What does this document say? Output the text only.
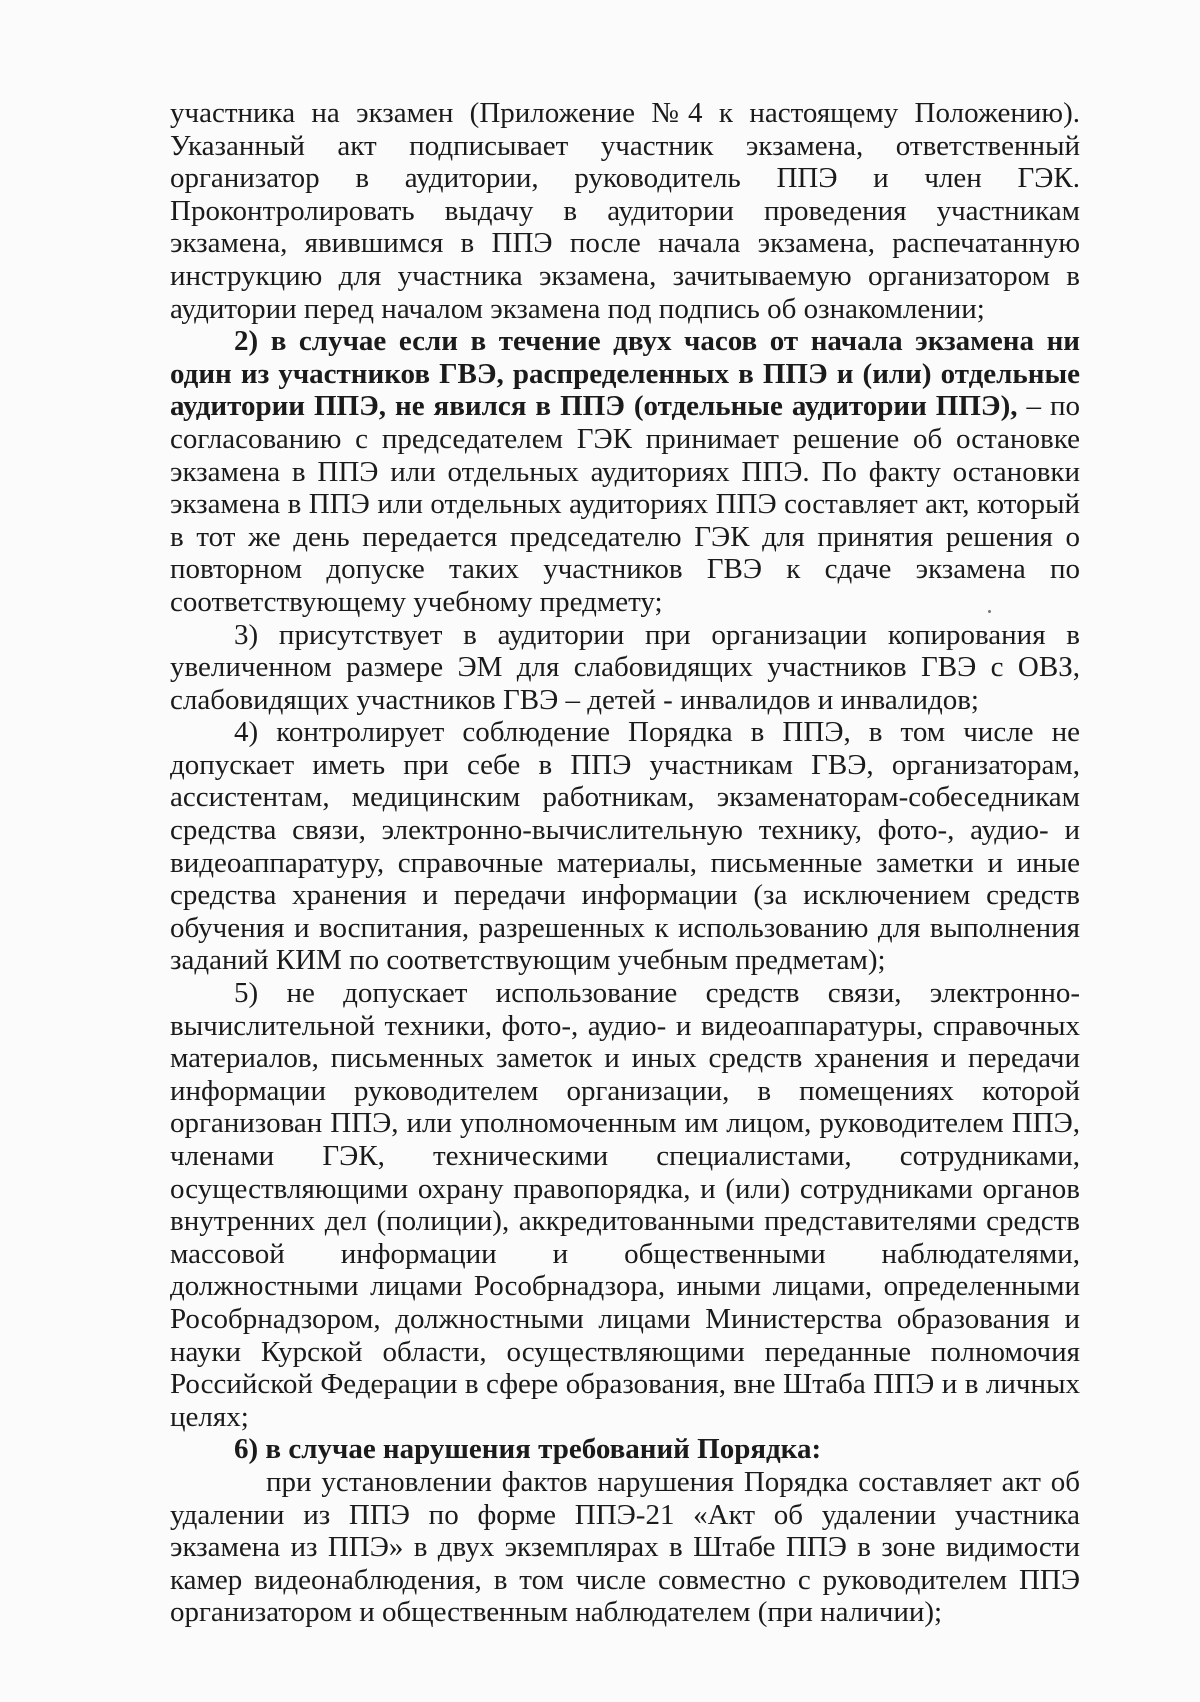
участника на экзамен (Приложение №4 к настоящему Положению). Указанный акт подписывает участник экзамена, ответственный организатор в аудитории, руководитель ППЭ и член ГЭК. Проконтролировать выдачу в аудитории проведения участникам экзамена, явившимся в ППЭ после начала экзамена, распечатанную инструкцию для участника экзамена, зачитываемую организатором в аудитории перед началом экзамена под подпись об ознакомлении;

2) в случае если в течение двух часов от начала экзамена ни один из участников ГВЭ, распределенных в ППЭ и (или) отдельные аудитории ППЭ, не явился в ППЭ (отдельные аудитории ППЭ), – по согласованию с председателем ГЭК принимает решение об остановке экзамена в ППЭ или отдельных аудиториях ППЭ. По факту остановки экзамена в ППЭ или отдельных аудиториях ППЭ составляет акт, который в тот же день передается председателю ГЭК для принятия решения о повторном допуске таких участников ГВЭ к сдаче экзамена по соответствующему учебному предмету;

3) присутствует в аудитории при организации копирования в увеличенном размере ЭМ для слабовидящих участников ГВЭ с ОВЗ, слабовидящих участников ГВЭ – детей - инвалидов и инвалидов;

4) контролирует соблюдение Порядка в ППЭ, в том числе не допускает иметь при себе в ППЭ участникам ГВЭ, организаторам, ассистентам, медицинским работникам, экзаменаторам-собеседникам средства связи, электронно-вычислительную технику, фото-, аудио- и видеоаппаратуру, справочные материалы, письменные заметки и иные средства хранения и передачи информации (за исключением средств обучения и воспитания, разрешенных к использованию для выполнения заданий КИМ по соответствующим учебным предметам);

5) не допускает использование средств связи, электронно-вычислительной техники, фото-, аудио- и видеоаппаратуры, справочных материалов, письменных заметок и иных средств хранения и передачи информации руководителем организации, в помещениях которой организован ППЭ, или уполномоченным им лицом, руководителем ППЭ, членами ГЭК, техническими специалистами, сотрудниками, осуществляющими охрану правопорядка, и (или) сотрудниками органов внутренних дел (полиции), аккредитованными представителями средств массовой информации и общественными наблюдателями, должностными лицами Рособрнадзора, иными лицами, определенными Рособрнадзором, должностными лицами Министерства образования и науки Курской области, осуществляющими переданные полномочия Российской Федерации в сфере образования, вне Штаба ППЭ и в личных целях;

6) в случае нарушения требований Порядка:

при установлении фактов нарушения Порядка составляет акт об удалении из ППЭ по форме ППЭ-21 «Акт об удалении участника экзамена из ППЭ» в двух экземплярах в Штабе ППЭ в зоне видимости камер видеонаблюдения, в том числе совместно с руководителем ППЭ организатором и общественным наблюдателем (при наличии);
